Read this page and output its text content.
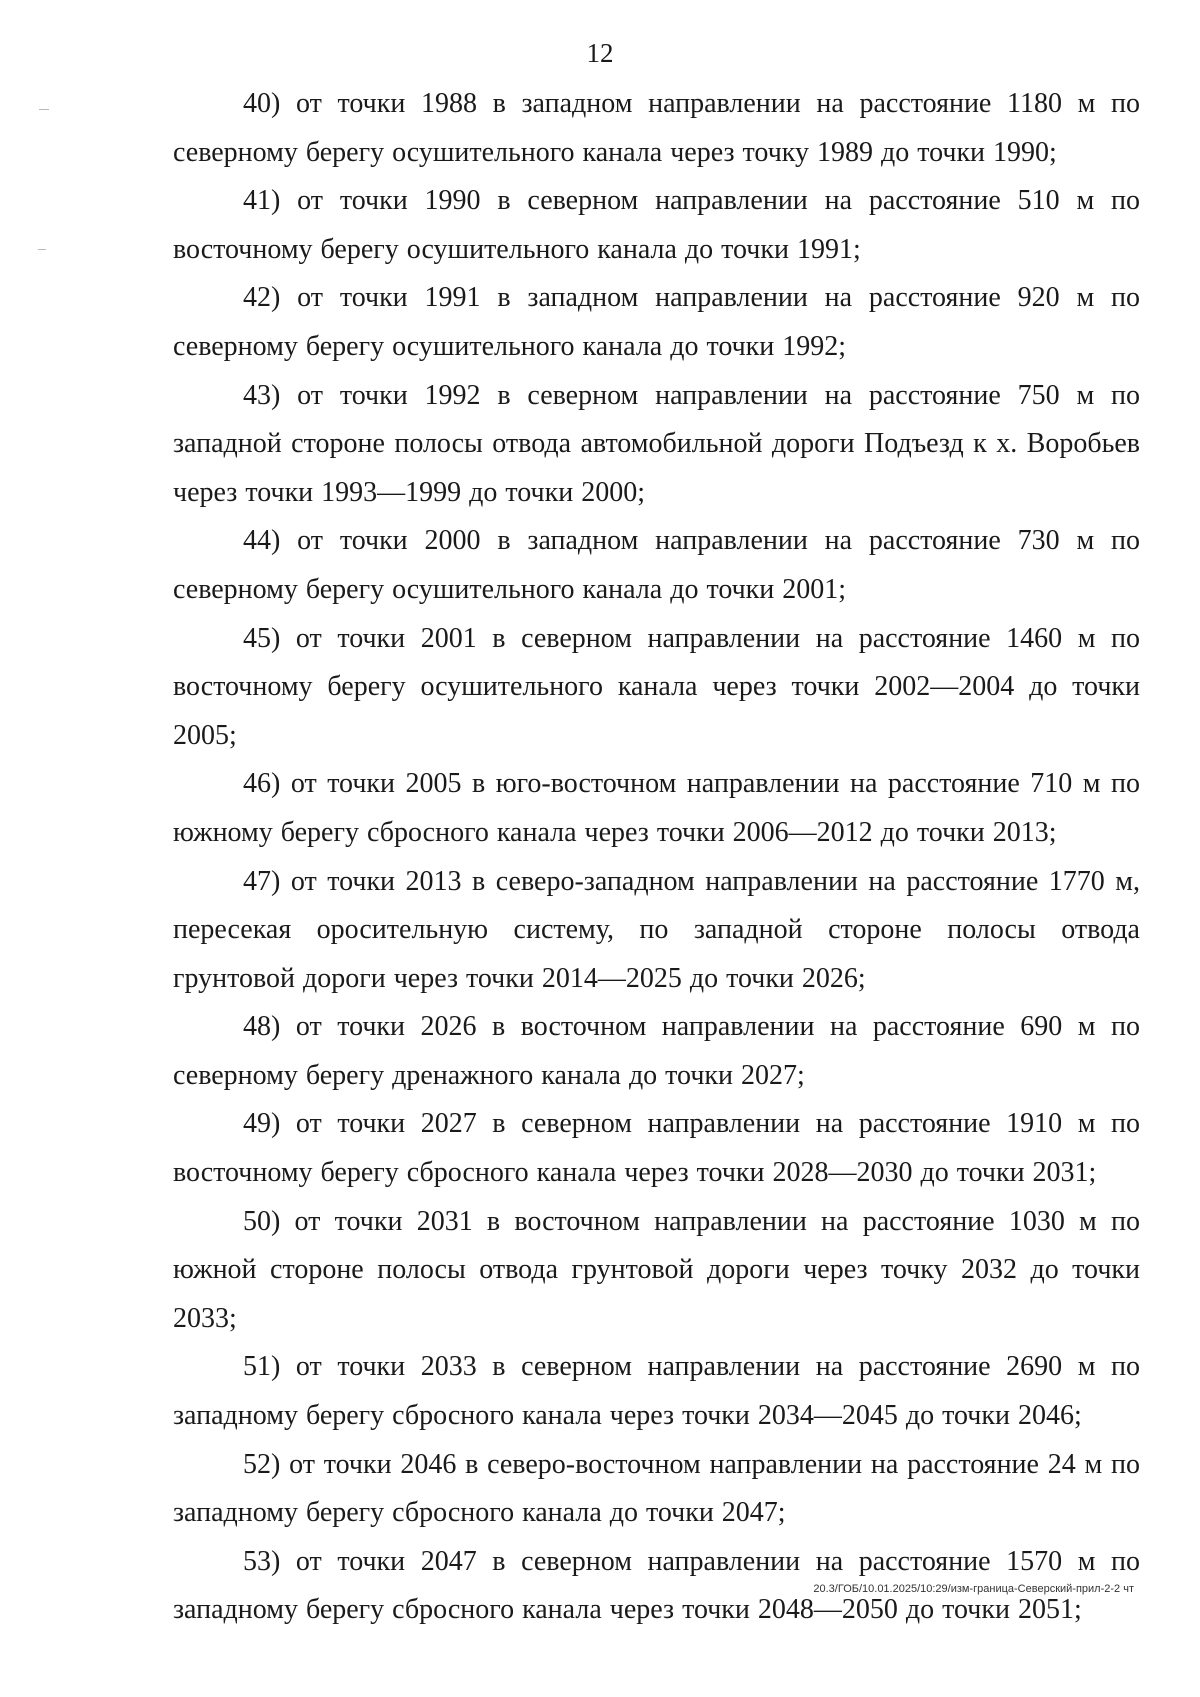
12

40) от точки 1988 в западном направлении на расстояние 1180 м по северному берегу осушительного канала через точку 1989 до точки 1990;

41) от точки 1990 в северном направлении на расстояние 510 м по восточному берегу осушительного канала до точки 1991;

42) от точки 1991 в западном направлении на расстояние 920 м по северному берегу осушительного канала до точки 1992;

43) от точки 1992 в северном направлении на расстояние 750 м по западной стороне полосы отвода автомобильной дороги Подъезд к х. Воробьев через точки 1993—1999 до точки 2000;

44) от точки 2000 в западном направлении на расстояние 730 м по северному берегу осушительного канала до точки 2001;

45) от точки 2001 в северном направлении на расстояние 1460 м по восточному берегу осушительного канала через точки 2002—2004 до точки 2005;

46) от точки 2005 в юго-восточном направлении на расстояние 710 м по южному берегу сбросного канала через точки 2006—2012 до точки 2013;

47) от точки 2013 в северо-западном направлении на расстояние 1770 м, пересекая оросительную систему, по западной стороне полосы отвода грунтовой дороги через точки 2014—2025 до точки 2026;

48) от точки 2026 в восточном направлении на расстояние 690 м по северному берегу дренажного канала до точки 2027;

49) от точки 2027 в северном направлении на расстояние 1910 м по восточному берегу сбросного канала через точки 2028—2030 до точки 2031;

50) от точки 2031 в восточном направлении на расстояние 1030 м по южной стороне полосы отвода грунтовой дороги через точку 2032 до точки 2033;

51) от точки 2033 в северном направлении на расстояние 2690 м по западному берегу сбросного канала через точки 2034—2045 до точки 2046;

52) от точки 2046 в северо-восточном направлении на расстояние 24 м по западному берегу сбросного канала до точки 2047;

53) от точки 2047 в северном направлении на расстояние 1570 м по западному берегу сбросного канала через точки 2048—2050 до точки 2051;

20.3/ГОБ/10.01.2025/10:29/изм-граница-Северский-прил-2-2 чт
